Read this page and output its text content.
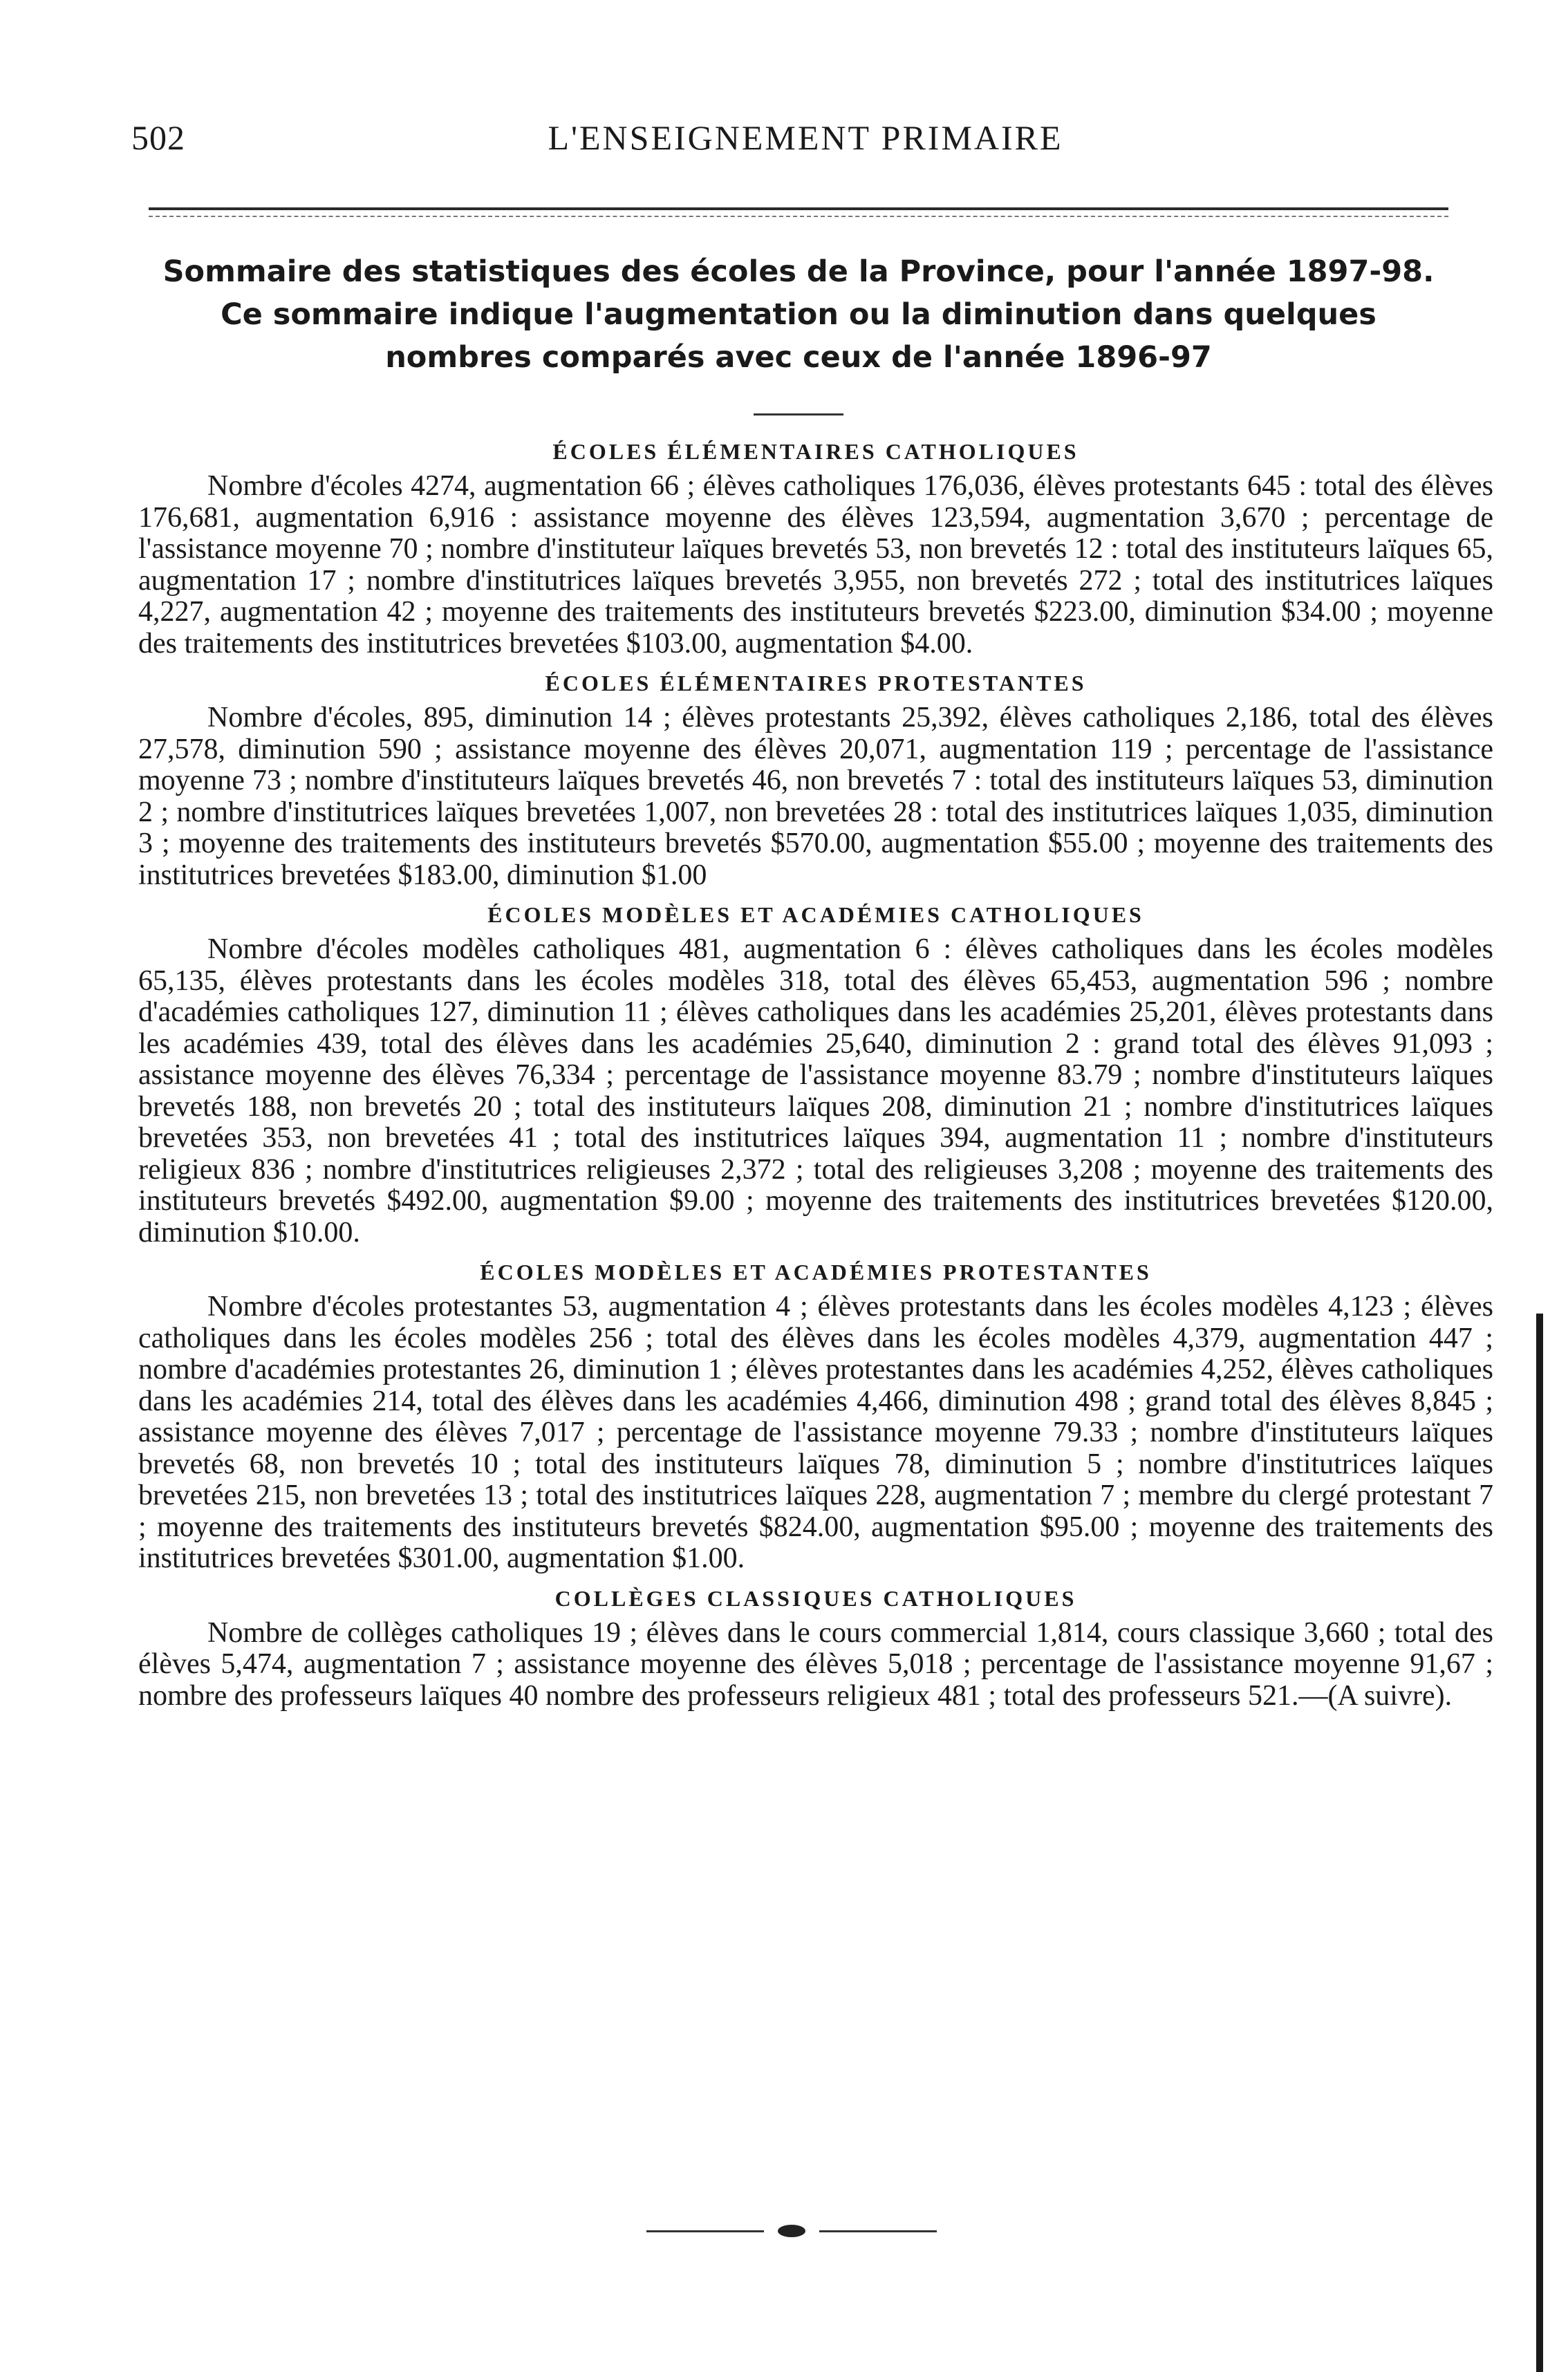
502	L'ENSEIGNEMENT PRIMAIRE
Sommaire des statistiques des écoles de la Province, pour l'année 1897-98.
Ce sommaire indique l'augmentation ou la diminution dans quelques
nombres comparés avec ceux de l'année 1896-97
ÉCOLES ÉLÉMENTAIRES CATHOLIQUES

Nombre d'écoles 4274, augmentation 66 ; élèves catholiques 176,036, élèves protestants 645 : total des élèves 176,681, augmentation 6,916 : assistance moyenne des élèves 123,594, augmentation 3,670 ; percentage de l'assistance moyenne 70 ; nombre d'instituteur laïques brevetés 53, non brevetés 12 : total des instituteurs laïques 65, augmentation 17 ; nombre d'institutrices laïques brevetés 3,955, non brevetés 272 ; total des institutrices laïques 4,227, augmentation 42 ; moyenne des traitements des instituteurs brevetés $223.00, diminution $34.00 ; moyenne des traitements des institutrices brevetées $103.00, augmentation $4.00.

ÉCOLES ÉLÉMENTAIRES PROTESTANTES

Nombre d'écoles, 895, diminution 14 ; élèves protestants 25,392, élèves catholiques 2,186, total des élèves 27,578, diminution 590 ; assistance moyenne des élèves 20,071, augmentation 119 ; percentage de l'assistance moyenne 73 ; nombre d'instituteurs laïques brevetés 46, non brevetés 7 : total des instituteurs laïques 53, diminution 2 ; nombre d'institutrices laïques brevetées 1,007, non brevetées 28 : total des institutrices laïques 1,035, diminution 3 ; moyenne des traitements des instituteurs brevetés $570.00, augmentation $55.00 ; moyenne des traitements des institutrices brevetées $183.00, diminution $1.00

ÉCOLES MODÈLES ET ACADÉMIES CATHOLIQUES

Nombre d'écoles modèles catholiques 481, augmentation 6 : élèves catholiques dans les écoles modèles 65,135, élèves protestants dans les écoles modèles 318, total des élèves 65,453, augmentation 596 ; nombre d'académies catholiques 127, diminution 11 ; élèves catholiques dans les académies 25,201, élèves protestants dans les académies 439, total des élèves dans les académies 25,640, diminution 2 : grand total des élèves 91,093 ; assistance moyenne des élèves 76,334 ; percentage de l'assistance moyenne 83.79 ; nombre d'instituteurs laïques brevetés 188, non brevetés 20 ; total des instituteurs laïques 208, diminution 21 ; nombre d'institutrices laïques brevetées 353, non brevetées 41 ; total des institutrices laïques 394, augmentation 11 ; nombre d'instituteurs religieux 836 ; nombre d'institutrices religieuses 2,372 ; total des religieuses 3,208 ; moyenne des traitements des instituteurs brevetés $492.00, augmentation $9.00 ; moyenne des traitements des institutrices brevetées $120.00, diminution $10.00.

ÉCOLES MODÈLES ET ACADÉMIES PROTESTANTES

Nombre d'écoles protestantes 53, augmentation 4 ; élèves protestants dans les écoles modèles 4,123 ; élèves catholiques dans les écoles modèles 256 ; total des élèves dans les écoles modèles 4,379, augmentation 447 ; nombre d'académies protestantes 26, diminution 1 ; élèves protestantes dans les académies 4,252, élèves catholiques dans les académies 214, total des élèves dans les académies 4,466, diminution 498 ; grand total des élèves 8,845 ; assistance moyenne des élèves 7,017 ; percentage de l'assistance moyenne 79.33 ; nombre d'instituteurs laïques brevetés 68, non brevetés 10 ; total des instituteurs laïques 78, diminution 5 ; nombre d'institutrices laïques brevetées 215, non brevetées 13 ; total des institutrices laïques 228, augmentation 7 ; membre du clergé protestant 7 ; moyenne des traitements des instituteurs brevetés $824.00, augmentation $95.00 ; moyenne des traitements des institutrices brevetées $301.00, augmentation $1.00.

COLLÈGES CLASSIQUES CATHOLIQUES

Nombre de collèges catholiques 19 ; élèves dans le cours commercial 1,814, cours classique 3,660 ; total des élèves 5,474, augmentation 7 ; assistance moyenne des élèves 5,018 ; percentage de l'assistance moyenne 91,67 ; nombre des professeurs laïques 40 nombre des professeurs religieux 481 ; total des professeurs 521.—(A suivre).
